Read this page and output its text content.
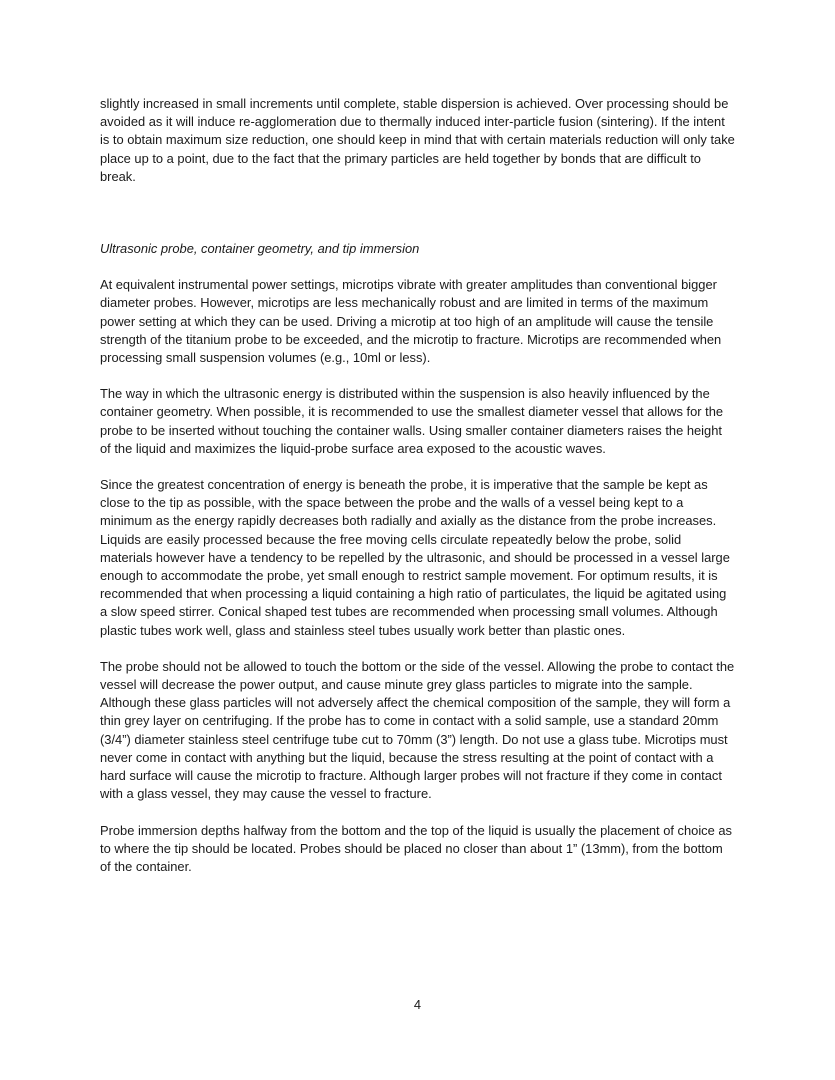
slightly increased in small increments until complete, stable dispersion is achieved. Over processing should be avoided as it will induce re-agglomeration due to thermally induced inter-particle fusion (sintering). If the intent is to obtain maximum size reduction, one should keep in mind that with certain materials reduction will only take place up to a point, due to the fact that the primary particles are held together by bonds that are difficult to break.

Ultrasonic probe, container geometry, and tip immersion

At equivalent instrumental power settings, microtips vibrate with greater amplitudes than conventional bigger diameter probes. However, microtips are less mechanically robust and are limited in terms of the maximum power setting at which they can be used. Driving a microtip at too high of an amplitude will cause the tensile strength of the titanium probe to be exceeded, and the microtip to fracture. Microtips are recommended when processing small suspension volumes (e.g., 10ml or less).

The way in which the ultrasonic energy is distributed within the suspension is also heavily influenced by the container geometry. When possible, it is recommended to use the smallest diameter vessel that allows for the probe to be inserted without touching the container walls. Using smaller container diameters raises the height of the liquid and maximizes the liquid-probe surface area exposed to the acoustic waves.

Since the greatest concentration of energy is beneath the probe, it is imperative that the sample be kept as close to the tip as possible, with the space between the probe and the walls of a vessel being kept to a minimum as the energy rapidly decreases both radially and axially as the distance from the probe increases. Liquids are easily processed because the free moving cells circulate repeatedly below the probe, solid materials however have a tendency to be repelled by the ultrasonic, and should be processed in a vessel large enough to accommodate the probe, yet small enough to restrict sample movement. For optimum results, it is recommended that when processing a liquid containing a high ratio of particulates, the liquid be agitated using a slow speed stirrer. Conical shaped test tubes are recommended when processing small volumes. Although plastic tubes work well, glass and stainless steel tubes usually work better than plastic ones.

The probe should not be allowed to touch the bottom or the side of the vessel. Allowing the probe to contact the vessel will decrease the power output, and cause minute grey glass particles to migrate into the sample. Although these glass particles will not adversely affect the chemical composition of the sample, they will form a thin grey layer on centrifuging. If the probe has to come in contact with a solid sample, use a standard 20mm (3/4”) diameter stainless steel centrifuge tube cut to 70mm (3”) length. Do not use a glass tube. Microtips must never come in contact with anything but the liquid, because the stress resulting at the point of contact with a hard surface will cause the microtip to fracture. Although larger probes will not fracture if they come in contact with a glass vessel, they may cause the vessel to fracture.

Probe immersion depths halfway from the bottom and the top of the liquid is usually the placement of choice as to where the tip should be located. Probes should be placed no closer than about 1” (13mm), from the bottom of the container.

4
